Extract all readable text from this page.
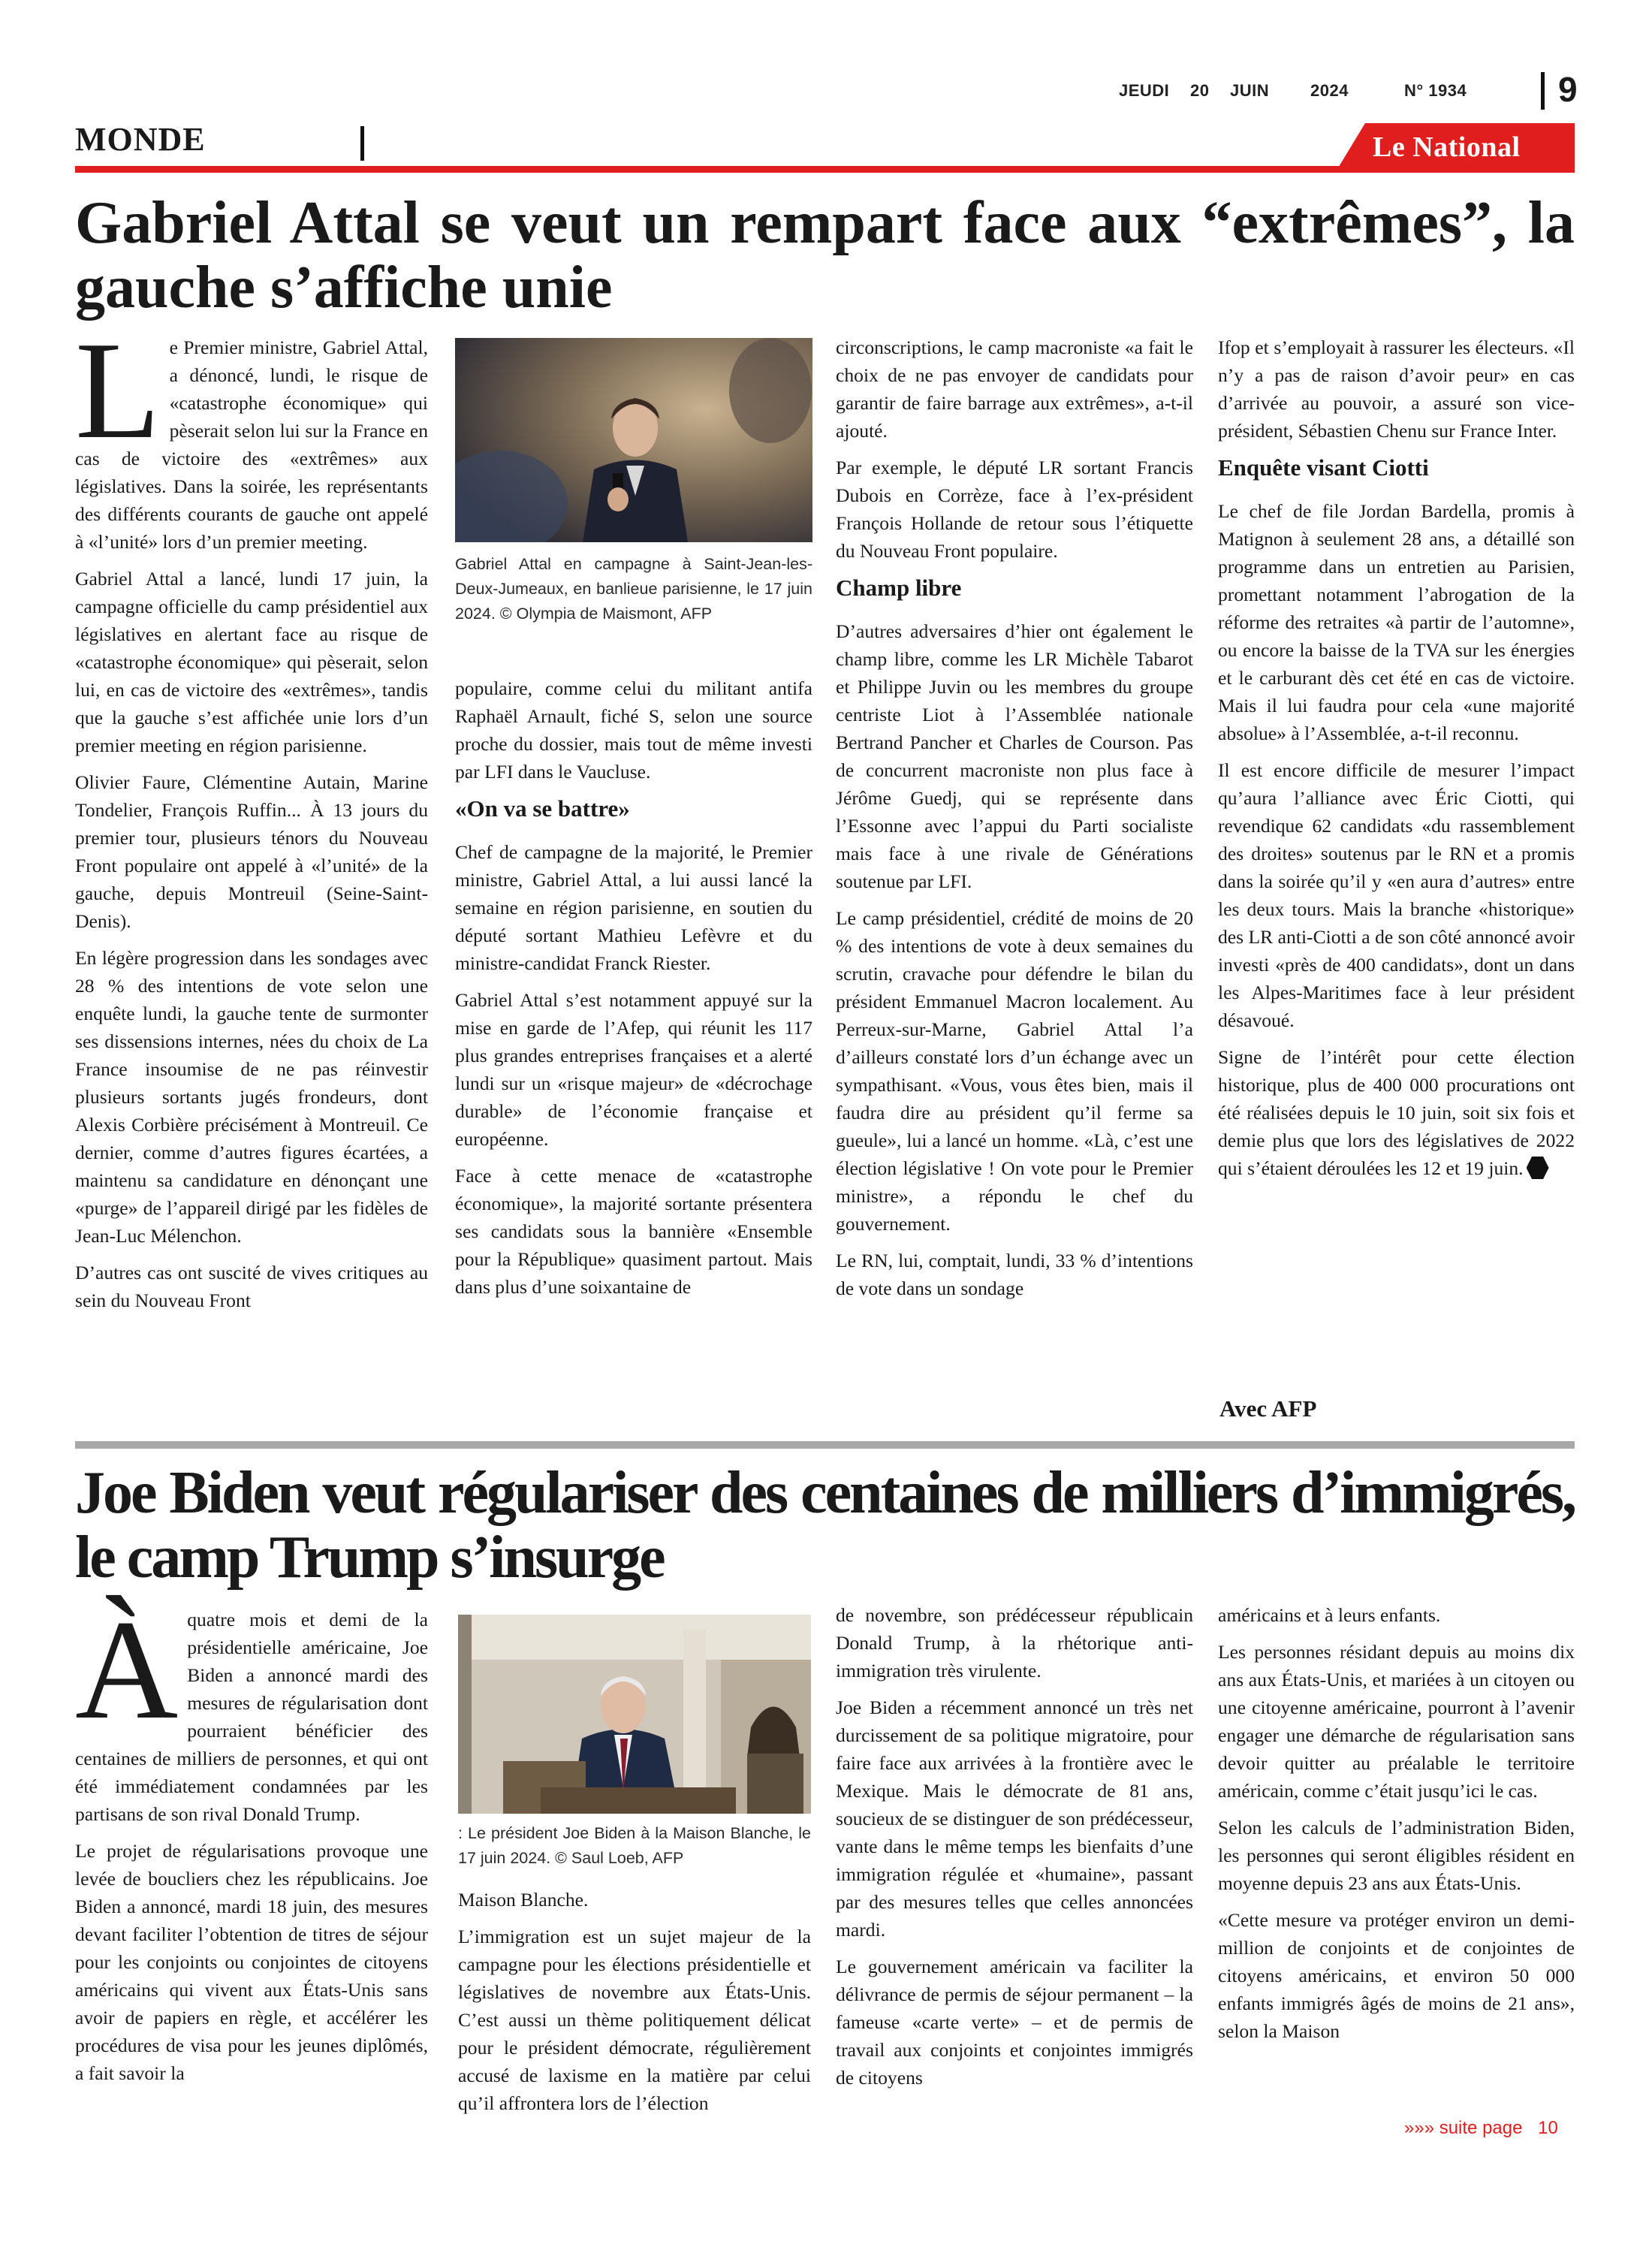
JEUDI 20 JUIN 2024	N° 1934	9
MONDE	Le National
Gabriel Attal se veut un rempart face aux “extrêmes”, la gauche s’affiche unie
L e Premier ministre, Gabriel Attal, a dénoncé, lundi, le risque de «catastrophe économique» qui pèserait selon lui sur la France en cas de victoire des «extrêmes» aux législatives. Dans la soirée, les représentants des différents courants de gauche ont appelé à «l’unité» lors d’un premier meeting.

Gabriel Attal a lancé, lundi 17 juin, la campagne officielle du camp présidentiel aux législatives en alertant face au risque de «catastrophe économique» qui pèserait, selon lui, en cas de victoire des «extrêmes», tandis que la gauche s’est affichée unie lors d’un premier meeting en région parisienne.

Olivier Faure, Clémentine Autain, Marine Tondelier, François Ruffin... À 13 jours du premier tour, plusieurs ténors du Nouveau Front populaire ont appelé à «l’unité» de la gauche, depuis Montreuil (Seine-Saint-Denis).

En légère progression dans les sondages avec 28 % des intentions de vote selon une enquête lundi, la gauche tente de surmonter ses dissensions internes, nées du choix de La France insoumise de ne pas réinvestir plusieurs sortants jugés frondeurs, dont Alexis Corbière précisément à Montreuil. Ce dernier, comme d’autres figures écartées, a maintenu sa candidature en dénonçant une «purge» de l’appareil dirigé par les fidèles de Jean-Luc Mélenchon.

D’autres cas ont suscité de vives critiques au sein du Nouveau Front

Gabriel Attal en campagne à Saint-Jean-les-Deux-Jumeaux, en banlieue parisienne, le 17 juin 2024. © Olympia de Maismont, AFP

populaire, comme celui du militant antifa Raphaël Arnault, fiché S, selon une source proche du dossier, mais tout de même investi par LFI dans le Vaucluse.

«On va se battre»

Chef de campagne de la majorité, le Premier ministre, Gabriel Attal, a lui aussi lancé la semaine en région parisienne, en soutien du député sortant Mathieu Lefèvre et du ministre-candidat Franck Riester.

Gabriel Attal s’est notamment appuyé sur la mise en garde de l’Afep, qui réunit les 117 plus grandes entreprises françaises et a alerté lundi sur un «risque majeur» de «décrochage durable» de l’économie française et européenne.

Face à cette menace de «catastrophe économique», la majorité sortante présentera ses candidats sous la bannière «Ensemble pour la République» quasiment partout. Mais dans plus d’une soixantaine de

circonscriptions, le camp macroniste «a fait le choix de ne pas envoyer de candidats pour garantir de faire barrage aux extrêmes», a-t-il ajouté.

Par exemple, le député LR sortant Francis Dubois en Corrèze, face à l’ex-président François Hollande de retour sous l’étiquette du Nouveau Front populaire.

Champ libre

D’autres adversaires d’hier ont également le champ libre, comme les LR Michèle Tabarot et Philippe Juvin ou les membres du groupe centriste Liot à l’Assemblée nationale Bertrand Pancher et Charles de Courson. Pas de concurrent macroniste non plus face à Jérôme Guedj, qui se représente dans l’Essonne avec l’appui du Parti socialiste mais face à une rivale de Générations soutenue par LFI.

Le camp présidentiel, crédité de moins de 20 % des intentions de vote à deux semaines du scrutin, cravache pour défendre le bilan du président Emmanuel Macron localement. Au Perreux-sur-Marne, Gabriel Attal l’a d’ailleurs constaté lors d’un échange avec un sympathisant. «Vous, vous êtes bien, mais il faudra dire au président qu’il ferme sa gueule», lui a lancé un homme. «Là, c’est une élection législative ! On vote pour le Premier ministre», a répondu le chef du gouvernement.

Le RN, lui, comptait, lundi, 33 % d’intentions de vote dans un sondage

Ifop et s’employait à rassurer les électeurs. «Il n’y a pas de raison d’avoir peur» en cas d’arrivée au pouvoir, a assuré son vice-président, Sébastien Chenu sur France Inter.

Enquête visant Ciotti

Le chef de file Jordan Bardella, promis à Matignon à seulement 28 ans, a détaillé son programme dans un entretien au Parisien, promettant notamment l’abrogation de la réforme des retraites «à partir de l’automne», ou encore la baisse de la TVA sur les énergies et le carburant dès cet été en cas de victoire. Mais il lui faudra pour cela «une majorité absolue» à l’Assemblée, a-t-il reconnu.

Il est encore difficile de mesurer l’impact qu’aura l’alliance avec Éric Ciotti, qui revendique 62 candidats «du rassemblement des droites» soutenus par le RN et a promis dans la soirée qu’il y «en aura d’autres» entre les deux tours. Mais la branche «historique» des LR anti-Ciotti a de son côté annoncé avoir investi «près de 400 candidats», dont un dans les Alpes-Maritimes face à leur président désavoué.

Signe de l’intérêt pour cette élection historique, plus de 400 000 procurations ont été réalisées depuis le 10 juin, soit six fois et demie plus que lors des législatives de 2022 qui s’étaient déroulées les 12 et 19 juin.

Avec AFP
Joe Biden veut régulariser des centaines de milliers d’immigrés, le camp Trump s’insurge
À quatre mois et demi de la présidentielle américaine, Joe Biden a annoncé mardi des mesures de régularisation dont pourraient bénéficier des centaines de milliers de personnes, et qui ont été immédiatement condamnées par les partisans de son rival Donald Trump.

Le projet de régularisations provoque une levée de boucliers chez les républicains. Joe Biden a annoncé, mardi 18 juin, des mesures devant faciliter l’obtention de titres de séjour pour les conjoints ou conjointes de citoyens américains qui vivent aux États-Unis sans avoir de papiers en règle, et accélérer les procédures de visa pour les jeunes diplômés, a fait savoir la

: Le président Joe Biden à la Maison Blanche, le 17 juin 2024. © Saul Loeb, AFP

Maison Blanche.

L’immigration est un sujet majeur de la campagne pour les élections présidentielle et législatives de novembre aux États-Unis. C’est aussi un thème politiquement délicat pour le président démocrate, régulièrement accusé de laxisme en la matière par celui qu’il affrontera lors de l’élection

de novembre, son prédécesseur républicain Donald Trump, à la rhétorique anti-immigration très virulente.

Joe Biden a récemment annoncé un très net durcissement de sa politique migratoire, pour faire face aux arrivées à la frontière avec le Mexique. Mais le démocrate de 81 ans, soucieux de se distinguer de son prédécesseur, vante dans le même temps les bienfaits d’une immigration régulée et «humaine», passant par des mesures telles que celles annoncées mardi.

Le gouvernement américain va faciliter la délivrance de permis de séjour permanent – la fameuse «carte verte» – et de permis de travail aux conjoints et conjointes immigrés de citoyens

américains et à leurs enfants.

Les personnes résidant depuis au moins dix ans aux États-Unis, et mariées à un citoyen ou une citoyenne américaine, pourront à l’avenir engager une démarche de régularisation sans devoir quitter au préalable le territoire américain, comme c’était jusqu’ici le cas.

Selon les calculs de l’administration Biden, les personnes qui seront éligibles résident en moyenne depuis 23 ans aux États-Unis.

«Cette mesure va protéger environ un demi-million de conjoints et de conjointes de citoyens américains, et environ 50 000 enfants immigrés âgés de moins de 21 ans», selon la Maison

»»» suite page 10
